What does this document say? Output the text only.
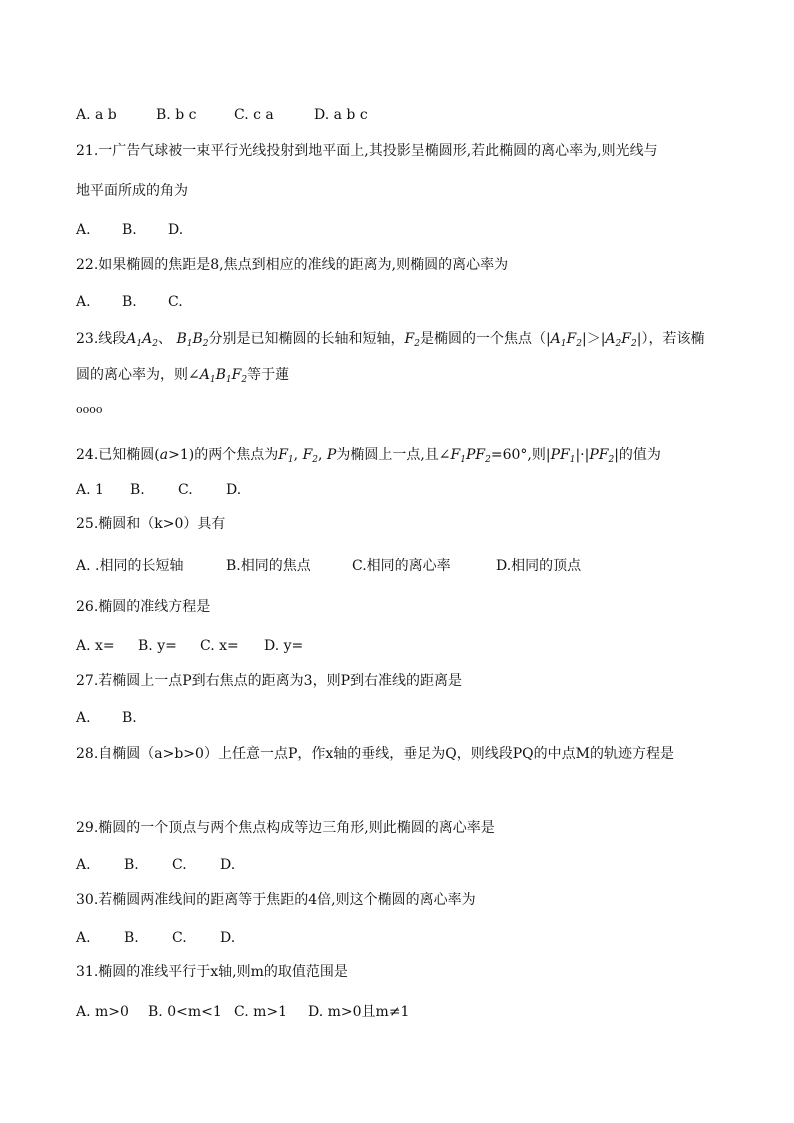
A. a b	B. b c	C. c a	D. a b c
21.一广告气球被一束平行光线投射到地平面上,其投影呈椭圆形,若此椭圆的离心率为,则光线与
地平面所成的角为
A. B. D.
22.如果椭圆的焦距是8,焦点到相应的准线的距离为,则椭圆的离心率为
A. B. C.
23.线段$A_1A_2$、 $B_1B_2$分别是已知椭圆的长轴和短轴，$F_2$是椭圆的一个焦点$(|A_1F_2|>|A_2F_2|)$，若该椭
圆的离心率为，则$\angle A_1B_1F_2$等于蓮
oooo
24.已知椭圆(a>1)的两个焦点为$F_1$, $F_2$, P为椭圆上一点,且$\angle F_1PF_2=60^\circ$,则$|PF_1|\cdot|PF_2|$的值为
A. 1 B. C. D.
25.椭圆和（k>0）具有
A. .相同的长短轴	B.相同的焦点	C.相同的离心率	D.相同的顶点
26.椭圆的准线方程是
A. x= B. y= C. x= D. y=
27.若椭圆上一点P到右焦点的距离为3，则P到右准线的距离是
A. B.
28.自椭圆（a>b>0）上任意一点P，作x轴的垂线，垂足为Q，则线段PQ的中点M的轨迹方程是
29.椭圆的一个顶点与两个焦点构成等边三角形,则此椭圆的离心率是
A. B. C. D.
30.若椭圆两准线间的距离等于焦距的4倍,则这个椭圆的离心率为
A. B. C. D.
31.椭圆的准线平行于x轴,则m的取值范围是
A. m>0 B. 0<m<1 C. m>1 D. m>0且m≠1
